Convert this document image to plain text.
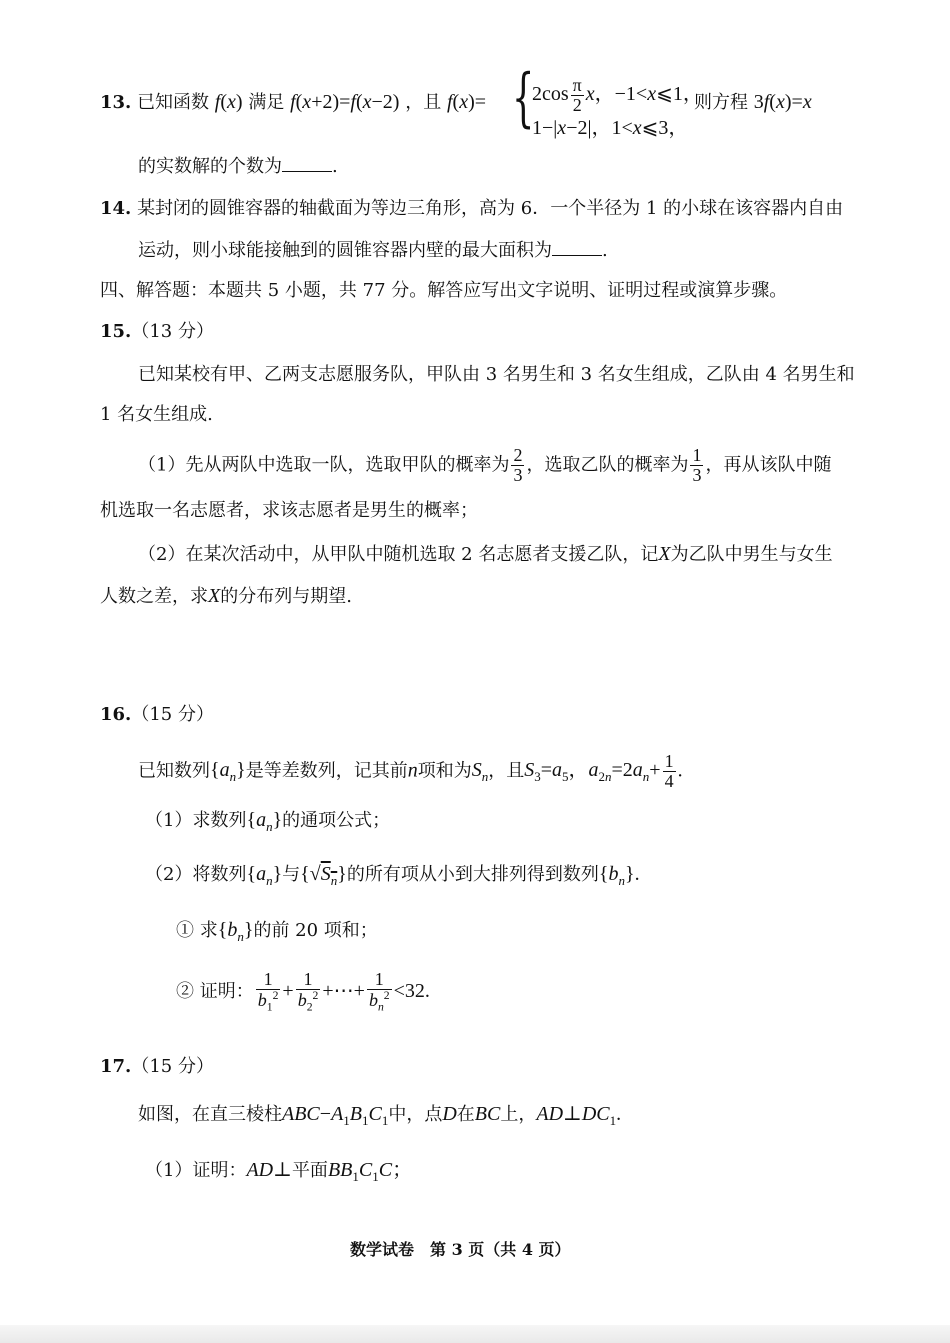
13. 已知函数 f(x) 满足 f(x+2)=f(x−2) ，且 f(x)= {
$2\cos \frac{\pi}{2}$ x，−1<x⩽1，
1−|x−2|，1<x⩽3，
则方程 3f(x)=x
的实数解的个数为	.
14. 某封闭的圆锥容器的轴截面为等边三角形，高为 6．一个半径为 1 的小球在该容器内自由
运动，则小球能接触到的圆锥容器内壁的最大面积为	.
四、解答题：本题共 5 小题，共 77 分。解答应写出文字说明、证明过程或演算步骤。
15.（13 分）
已知某校有甲、乙两支志愿服务队，甲队由 3 名男生和 3 名女生组成，乙队由 4 名男生和
1 名女生组成.
（1）先从两队中选取一队，选取甲队的概率为 $\frac{2}{3}$ ，选取乙队的概率为 $\frac{1}{3}$ ，再从该队中随
机选取一名志愿者，求该志愿者是男生的概率；
（2）在某次活动中，从甲队中随机选取 2 名志愿者支援乙队，记X为乙队中男生与女生
人数之差，求X的分布列与期望.
16.（15 分）
已知数列$\{a_n\}$是等差数列，记其前n项和为$S_n$，且$S_3=a_5$，$a_{2n}=2a_n+ \frac{1}{4}$ .
（1）求数列$\{a_n\}$的通项公式；
（2）将数列$\{a_n\}$与$\{√S_n\}$的所有项从小到大排列得到数列$\{b_n\}$.
① 求$\{b_n\}$的前 20 项和；
② 证明： $\frac{1}{b_1^2} + \frac{1}{b_2^2}$ +⋯+ $\frac{1}{b_n^2} <32$.
17.（15 分）
如图，在直三棱柱$ABC-A_1B_1C_1$中，点D在BC上，$AD\perp DC_1$.
（1）证明：AD⊥平面$BB_1C_1C$；
数学试卷　第 3 页（共 4 页）
